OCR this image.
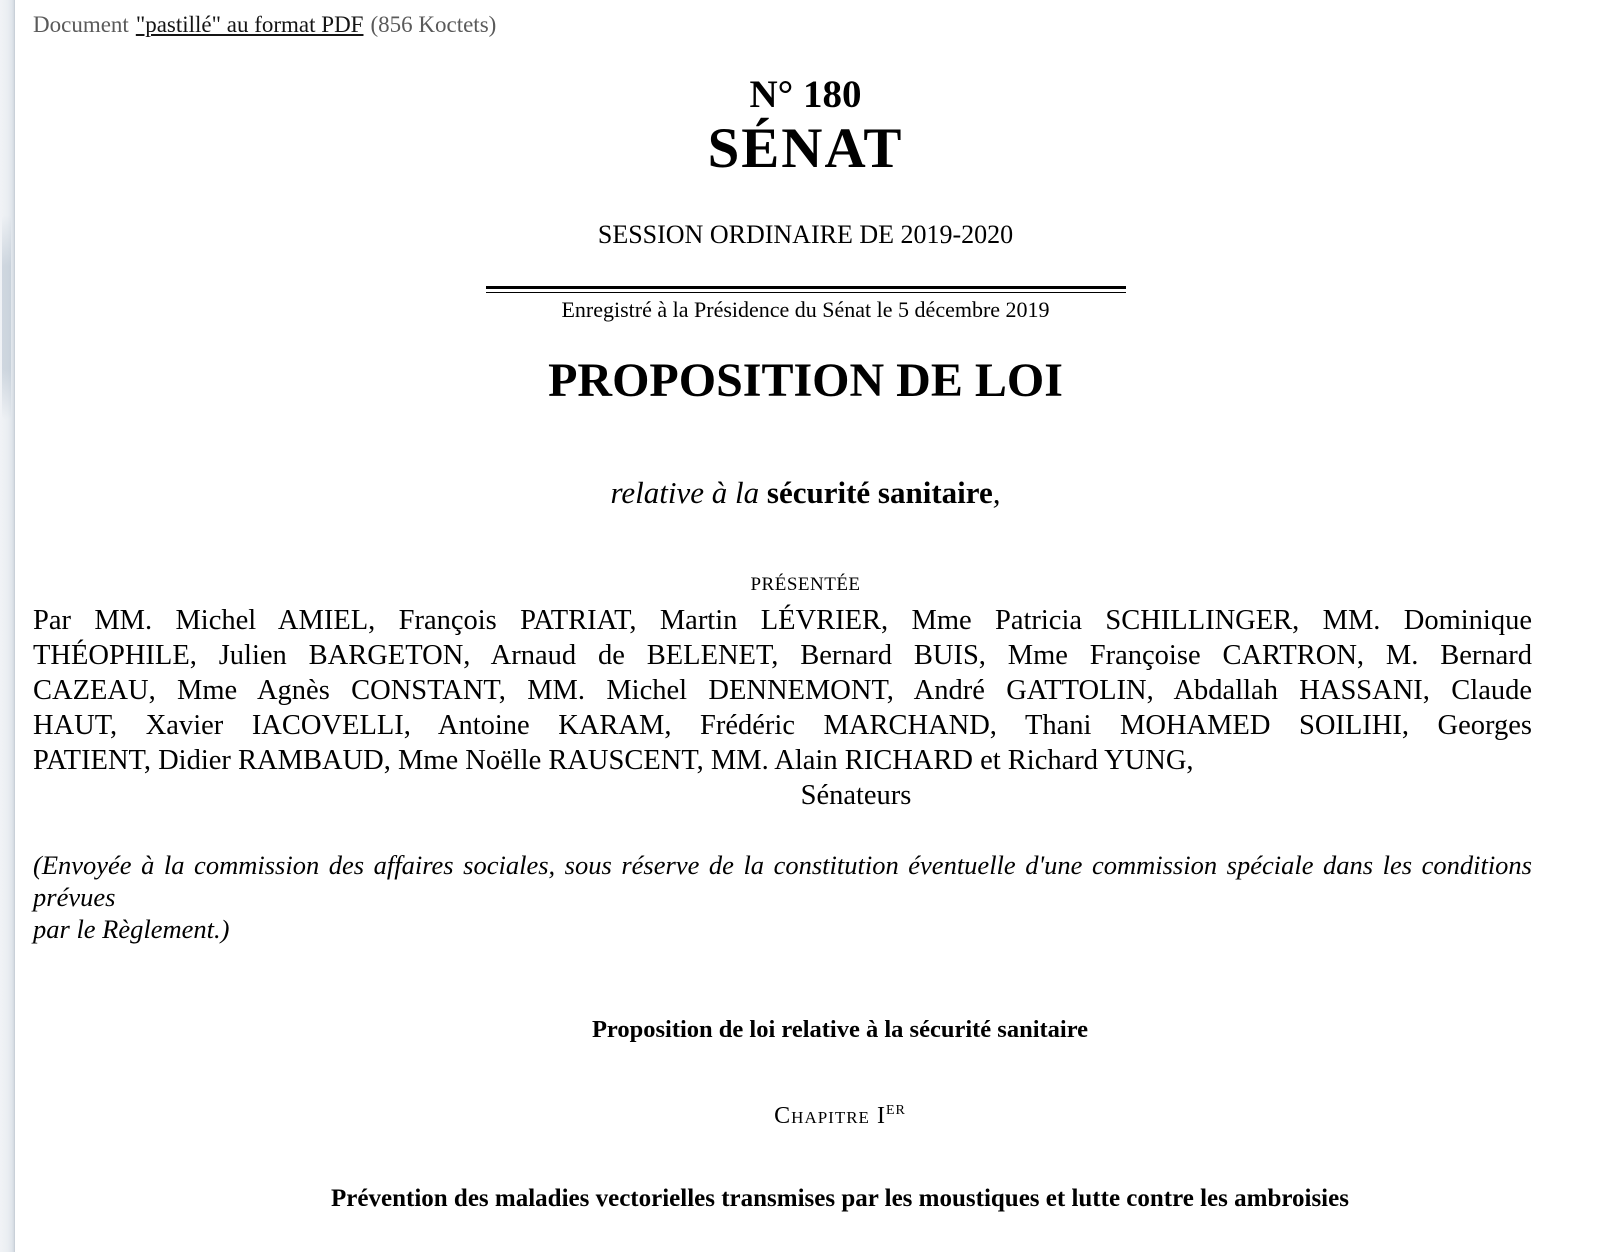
Document "pastillé" au format PDF (856 Koctets)
N° 180
SÉNAT
SESSION ORDINAIRE DE 2019-2020
Enregistré à la Présidence du Sénat le 5 décembre 2019
PROPOSITION DE LOI
relative à la sécurité sanitaire,
PRÉSENTÉE
Par MM. Michel AMIEL, François PATRIAT, Martin LÉVRIER, Mme Patricia SCHILLINGER, MM. Dominique
THÉOPHILE, Julien BARGETON, Arnaud de BELENET, Bernard BUIS, Mme Françoise CARTRON, M. Bernard
CAZEAU, Mme Agnès CONSTANT, MM. Michel DENNEMONT, André GATTOLIN, Abdallah HASSANI, Claude
HAUT, Xavier IACOVELLI, Antoine KARAM, Frédéric MARCHAND, Thani MOHAMED SOILIHI, Georges
PATIENT, Didier RAMBAUD, Mme Noëlle RAUSCENT, MM. Alain RICHARD et Richard YUNG,
Sénateurs
(Envoyée à la commission des affaires sociales, sous réserve de la constitution éventuelle d'une commission spéciale dans les conditions prévues
par le Règlement.)
Proposition de loi relative à la sécurité sanitaire
Chapitre IER
Prévention des maladies vectorielles transmises par les moustiques et lutte contre les ambroisies
